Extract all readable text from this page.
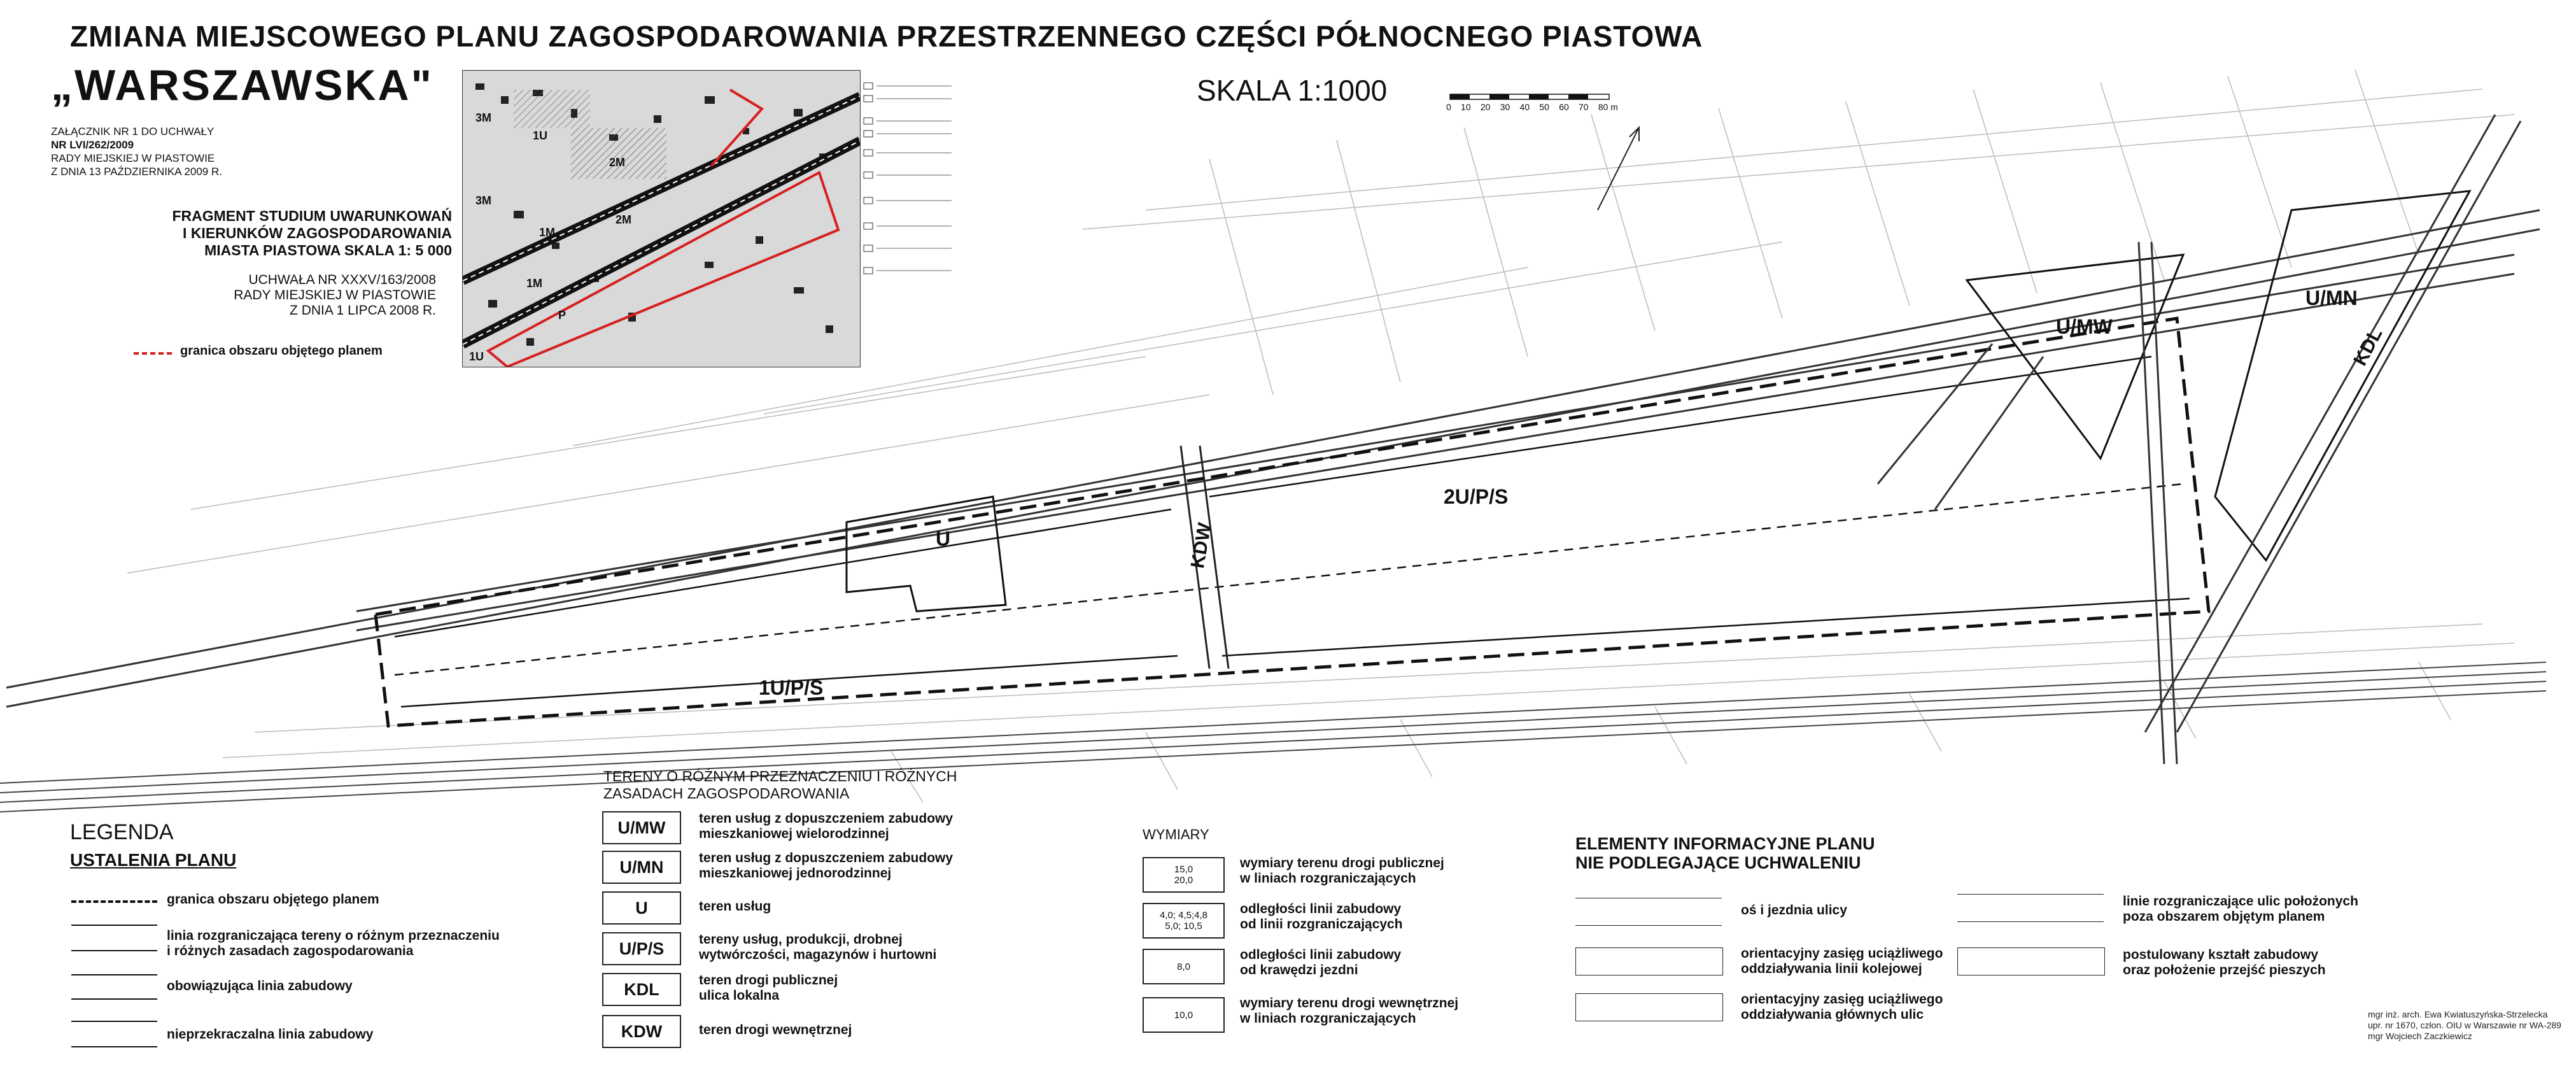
ZMIANA MIEJSCOWEGO PLANU ZAGOSPODAROWANIA PRZESTRZENNEGO CZĘŚCI PÓŁNOCNEGO PIASTOWA
„WARSZAWSKA"
ZAŁĄCZNIK NR 1 DO UCHWAŁY
NR LVI/262/2009
RADY MIEJSKIEJ W PIASTOWIE
Z DNIA 13 PAŹDZIERNIKA 2009 R.
SKALA 1:1000	0 10 20 30 40 50 60 70 80 m
FRAGMENT STUDIUM UWARUNKOWAŃ
I KIERUNKÓW ZAGOSPODAROWANIA
MIASTA PIASTOWA SKALA 1: 5 000
UCHWAŁA NR XXXV/163/2008
RADY MIEJSKIEJ W PIASTOWIE
Z DNIA 1 LIPCA 2008 R.
granica obszaru objętego planem
3M
1U
2M
1M
2M
3M
1M
P
1U
U
2U/P/S
1U/P/S
U/MW
U/MN
KDW
KDL
LEGENDA
USTALENIA PLANU
granica obszaru objętego planem
linia rozgraniczająca tereny o różnym przeznaczeniu
i różnych zasadach zagospodarowania
obowiązująca linia zabudowy
nieprzekraczalna linia zabudowy
TERENY O RÓŻNYM PRZEZNACZENIU I RÓŻNYCH
ZASADACH ZAGOSPODAROWANIA
U/MW	teren usług z dopuszczeniem zabudowy
mieszkaniowej wielorodzinnej
U/MN	teren usług z dopuszczeniem zabudowy
mieszkaniowej jednorodzinnej
U	teren usług
U/P/S	tereny usług, produkcji, drobnej
wytwórczości, magazynów i hurtowni
KDL	teren drogi publicznej
ulica lokalna
KDW	teren drogi wewnętrznej
WYMIARY
15,0
20,0
wymiary terenu drogi publicznej
w liniach rozgraniczających
4,0; 4,5;4,8
5,0; 10,5
odległości linii zabudowy
od linii rozgraniczających
8,0
odległości linii zabudowy
od krawędzi jezdni
10,0
wymiary terenu drogi wewnętrznej
w liniach rozgraniczających
ELEMENTY INFORMACYJNE PLANU
NIE PODLEGAJĄCE UCHWALENIU
oś i jezdnia ulicy
orientacyjny zasięg uciążliwego
oddziaływania linii kolejowej
orientacyjny zasięg uciążliwego
oddziaływania głównych ulic
linie rozgraniczające ulic położonych
poza obszarem objętym planem
postulowany kształt zabudowy
oraz położenie przejść pieszych
mgr inż. arch. Ewa Kwiatuszyńska-Strzelecka
upr. nr 1670, człon. OIU w Warszawie nr WA-289
mgr Wojciech Zaczkiewicz
